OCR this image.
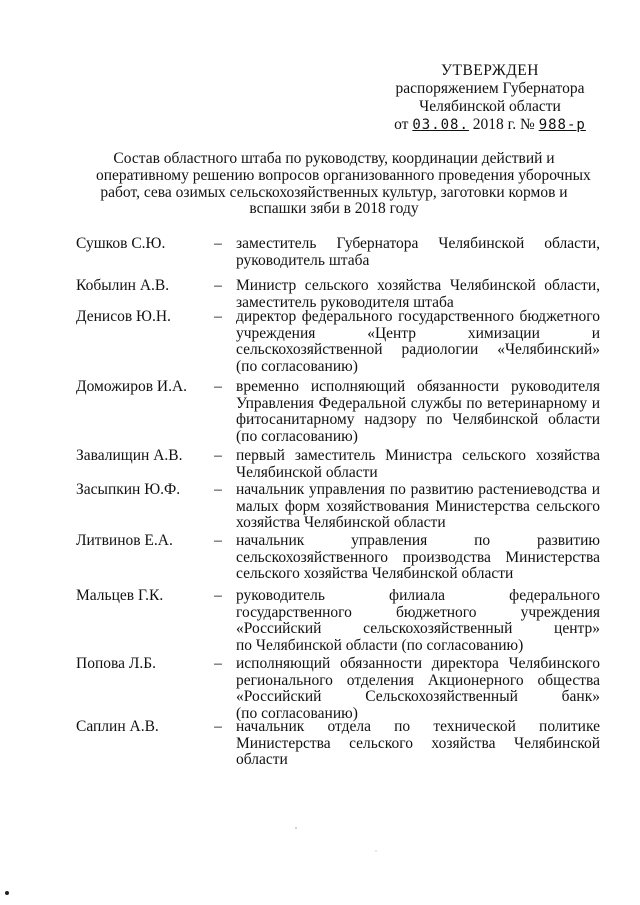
УТВЕРЖДЕН
распоряжением Губернатора
Челябинской области
от 03.08. 2018 г. № 988-р
Состав областного штаба по руководству, координации действий и
оперативному решению вопросов организованного проведения уборочных
работ, сева озимых сельскохозяйственных культур, заготовки кормов и
вспашки зяби в 2018 году
Сушков С.Ю.	– заместитель Губернатора Челябинской области,
руководитель штаба
Кобылин А.В.	– Министр сельского хозяйства Челябинской области,
заместитель руководителя штаба
Денисов Ю.Н.	– директор федерального государственного бюджетного
учреждения «Центр химизации и
сельскохозяйственной радиологии «Челябинский»
(по согласованию)
Доможиров И.А.	– временно исполняющий обязанности руководителя
Управления Федеральной службы по ветеринарному и
фитосанитарному надзору по Челябинской области
(по согласованию)
Завалищин А.В.	– первый заместитель Министра сельского хозяйства
Челябинской области
Засыпкин Ю.Ф.	– начальник управления по развитию растениеводства и
малых форм хозяйствования Министерства сельского
хозяйства Челябинской области
Литвинов Е.А.	– начальник управления по развитию
сельскохозяйственного производства Министерства
сельского хозяйства Челябинской области
Мальцев Г.К.	– руководитель филиала федерального
государственного бюджетного учреждения
«Российский сельскохозяйственный центр»
по Челябинской области (по согласованию)
Попова Л.Б.	– исполняющий обязанности директора Челябинского
регионального отделения Акционерного общества
«Российский Сельскохозяйственный банк»
(по согласованию)
Саплин А.В.	– начальник отдела по технической политике
Министерства сельского хозяйства Челябинской
области
